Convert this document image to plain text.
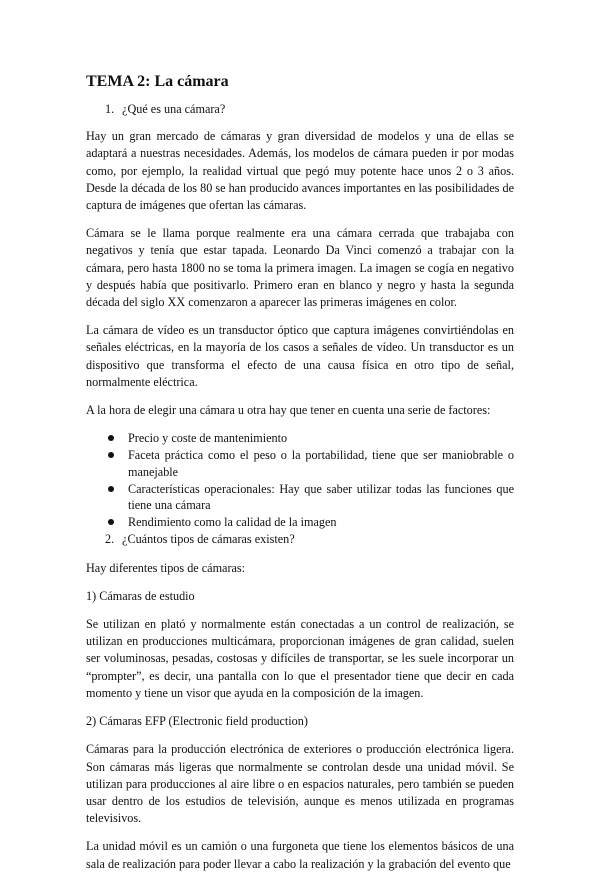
TEMA 2: La cámara
1. ¿Qué es una cámara?

Hay un gran mercado de cámaras y gran diversidad de modelos y una de ellas se adaptará a nuestras necesidades. Además, los modelos de cámara pueden ir por modas como, por ejemplo, la realidad virtual que pegó muy potente hace unos 2 o 3 años. Desde la década de los 80 se han producido avances importantes en las posibilidades de captura de imágenes que ofertan las cámaras.

Cámara se le llama porque realmente era una cámara cerrada que trabajaba con negativos y tenía que estar tapada. Leonardo Da Vinci comenzó a trabajar con la cámara, pero hasta 1800 no se toma la primera imagen. La imagen se cogía en negativo y después había que positivarlo. Primero eran en blanco y negro y hasta la segunda década del siglo XX comenzaron a aparecer las primeras imágenes en color.

La cámara de vídeo es un transductor óptico que captura imágenes convirtiéndolas en señales eléctricas, en la mayoría de los casos a señales de vídeo. Un transductor es un dispositivo que transforma el efecto de una causa física en otro tipo de señal, normalmente eléctrica.

A la hora de elegir una cámara u otra hay que tener en cuenta una serie de factores:

Precio y coste de mantenimiento
Faceta práctica como el peso o la portabilidad, tiene que ser maniobrable o manejable
Características operacionales: Hay que saber utilizar todas las funciones que tiene una cámara
Rendimiento como la calidad de la imagen
2. ¿Cuántos tipos de cámaras existen?

Hay diferentes tipos de cámaras:

1) Cámaras de estudio

Se utilizan en plató y normalmente están conectadas a un control de realización, se utilizan en producciones multicámara, proporcionan imágenes de gran calidad, suelen ser voluminosas, pesadas, costosas y difíciles de transportar, se les suele incorporar un “prompter”, es decir, una pantalla con lo que el presentador tiene que decir en cada momento y tiene un visor que ayuda en la composición de la imagen.

2) Cámaras EFP (Electronic field production)

Cámaras para la producción electrónica de exteriores o producción electrónica ligera. Son cámaras más ligeras que normalmente se controlan desde una unidad móvil. Se utilizan para producciones al aire libre o en espacios naturales, pero también se pueden usar dentro de los estudios de televisión, aunque es menos utilizada en programas televisivos.

La unidad móvil es un camión o una furgoneta que tiene los elementos básicos de una sala de realización para poder llevar a cabo la realización y la grabación del evento que
